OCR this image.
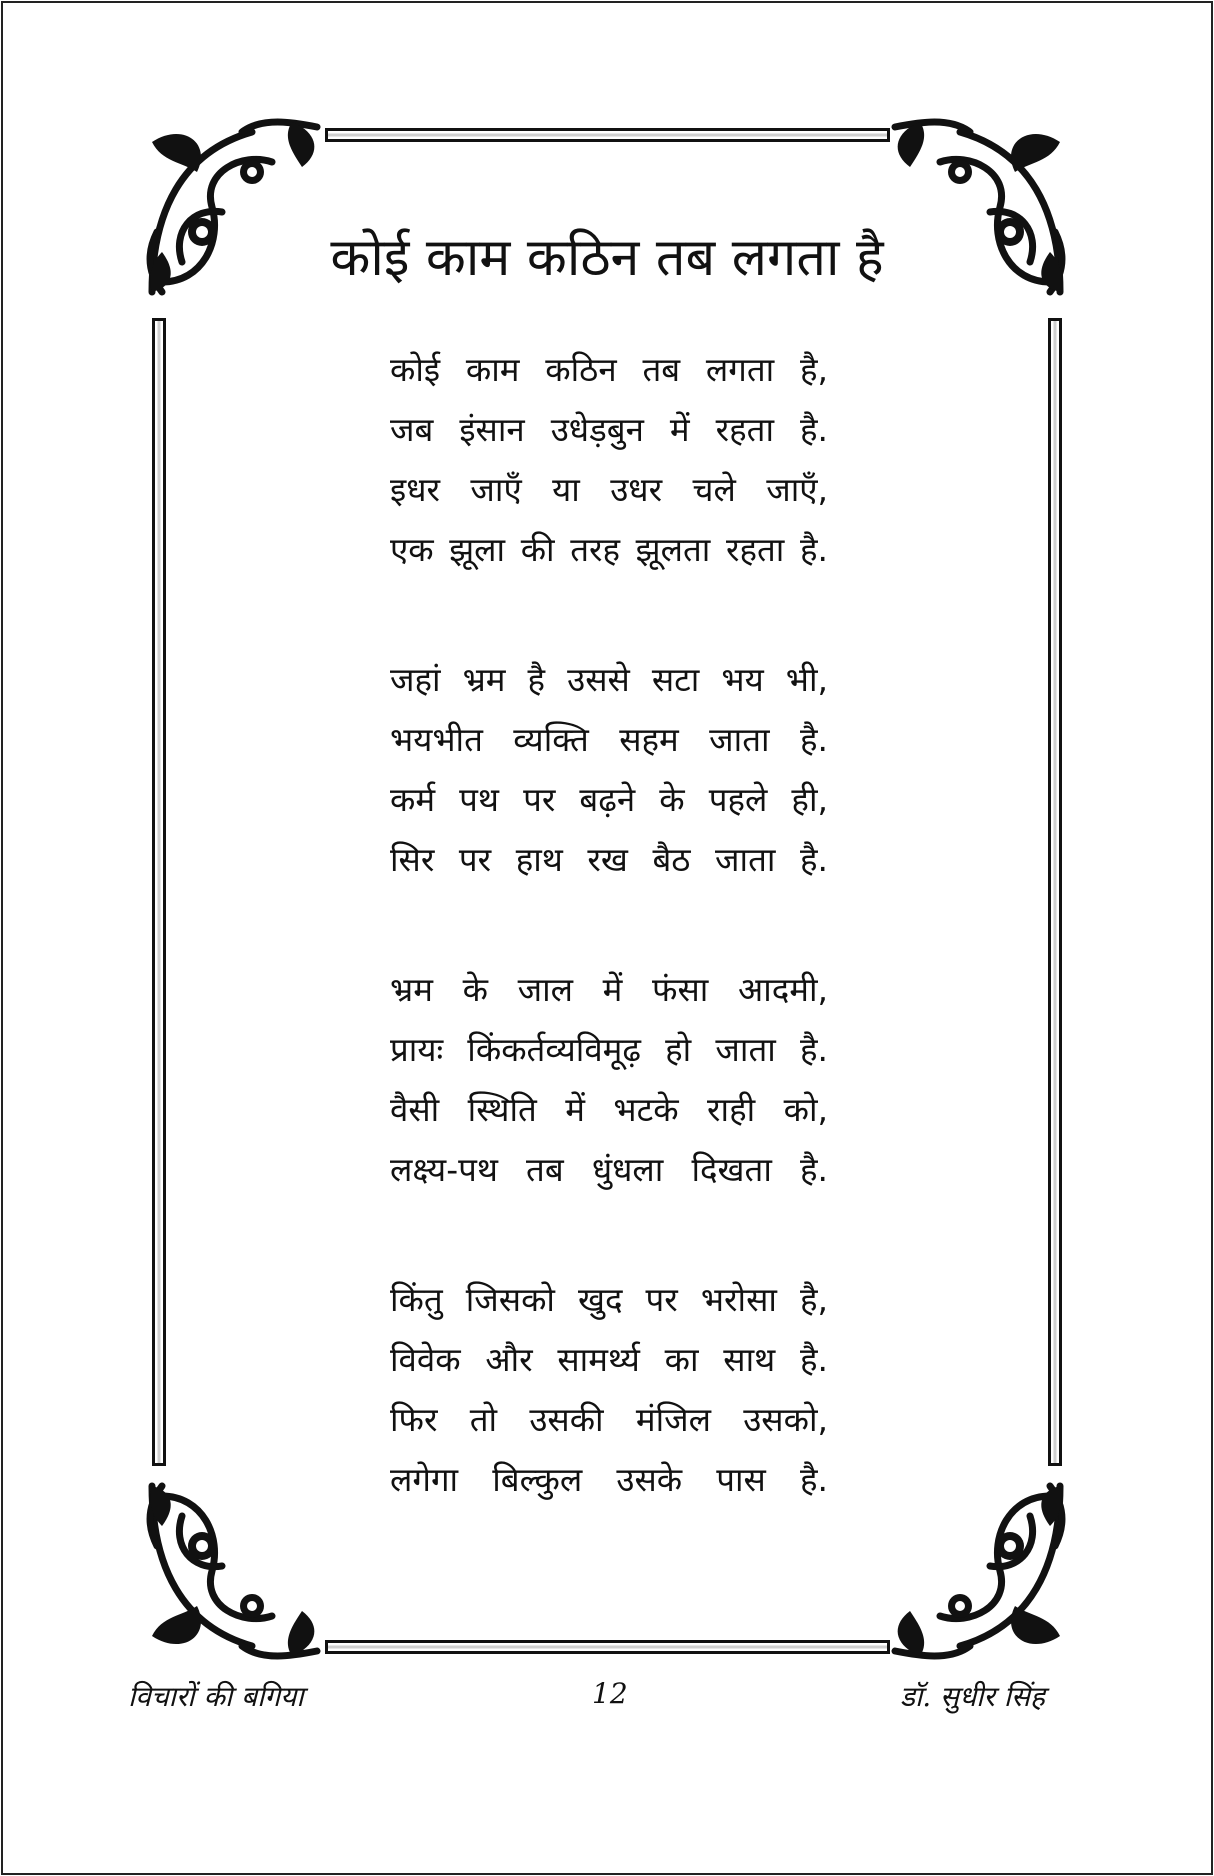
कोई काम कठिन तब लगता है
कोई काम कठिन तब लगता है,
जब इंसान उधेड़बुन में रहता है.
इधर जाएँ या उधर चले जाएँ,
एक झूला की तरह झूलता रहता है.
जहां भ्रम है उससे सटा भय भी,
भयभीत व्यक्ति सहम जाता है.
कर्म पथ पर बढ़ने के पहले ही,
सिर पर हाथ रख बैठ जाता है.
भ्रम के जाल में फंसा आदमी,
प्रायः किंकर्तव्यविमूढ़ हो जाता है.
वैसी स्थिति में भटके राही को,
लक्ष्य-पथ तब धुंधला दिखता है.
किंतु जिसको खुद पर भरोसा है,
विवेक और सामर्थ्य का साथ है.
फिर तो उसकी मंजिल उसको,
लगेगा बिल्कुल उसके पास है.
विचारों की बगिया	12	डॉ. सुधीर सिंह
